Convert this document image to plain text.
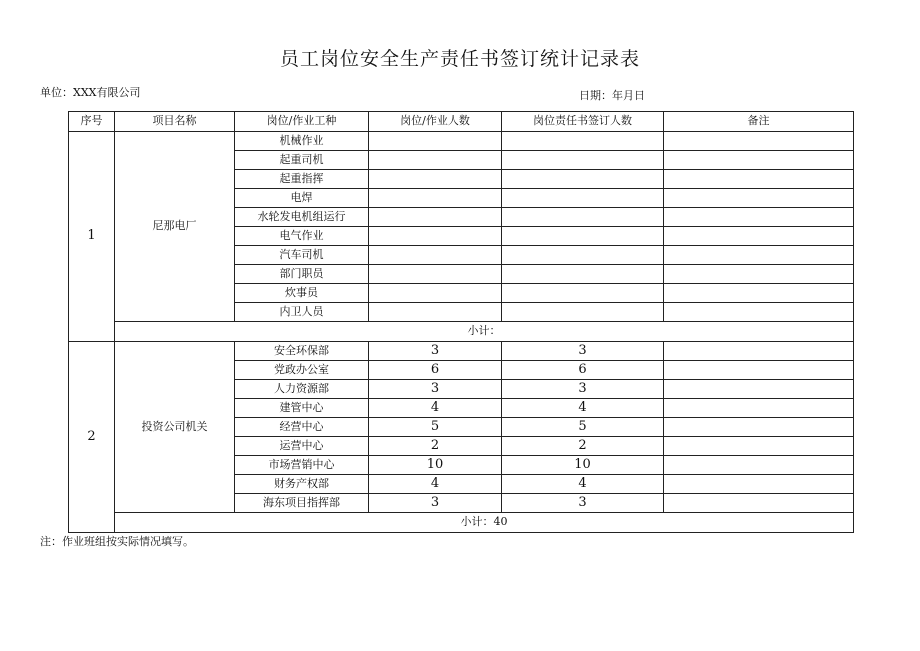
员工岗位安全生产责任书签订统计记录表
单位：XXX有限公司	日期：年月日
序号	项目名称	岗位/作业工种	岗位/作业人数	岗位责任书签订人数	备注
1	尼那电厂	机械作业			
		起重司机			
		起重指挥			
		电焊			
		水轮发电机组运行			
		电气作业			
		汽车司机			
		部门职员			
		炊事员			
		内卫人员			
	小计：				
2	投资公司机关	安全环保部	3	3	
		党政办公室	6	6	
		人力资源部	3	3	
		建管中心	4	4	
		经营中心	5	5	
		运营中心	2	2	
		市场营销中心	10	10	
		财务产权部	4	4	
		海东项目指挥部	3	3	
	小计：40				
注：作业班组按实际情况填写。
